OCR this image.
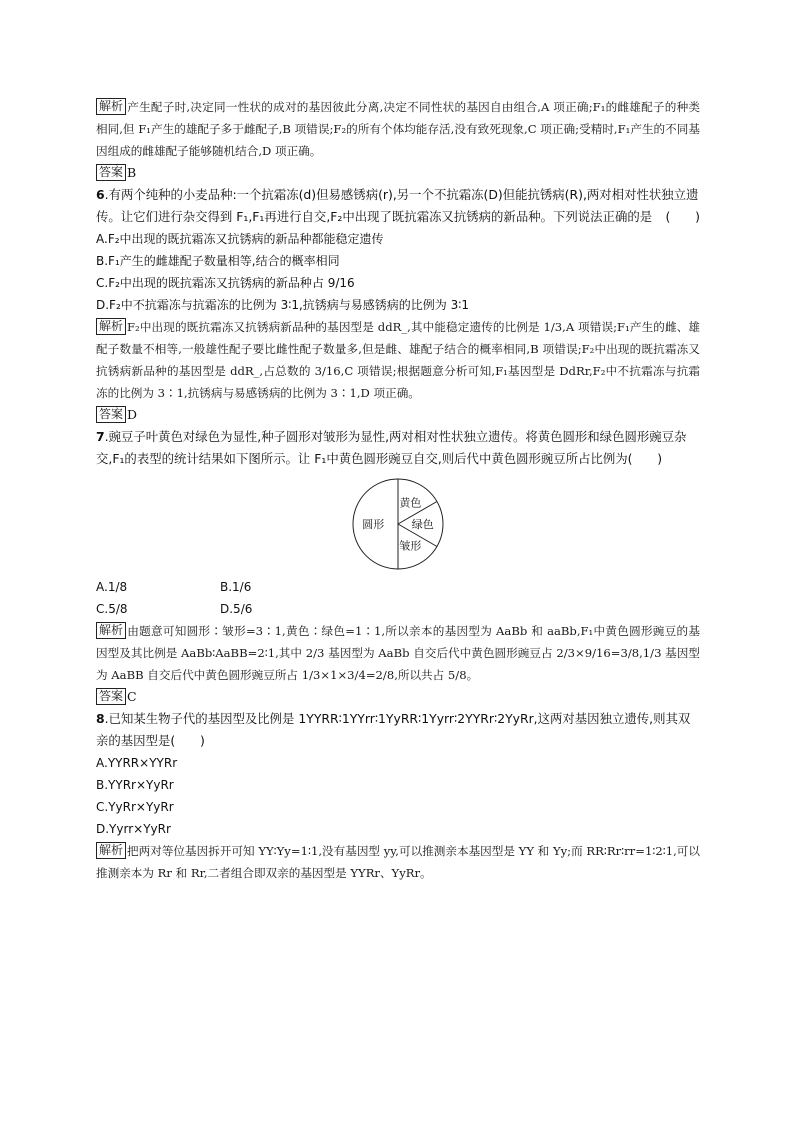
解析 产生配子时,决定同一性状的成对的基因彼此分离,决定不同性状的基因自由组合,A 项正确;F₁的雌雄配子的种类相同,但 F₁产生的雄配子多于雌配子,B 项错误;F₂的所有个体均能存活,没有致死现象,C 项正确;受精时,F₁产生的不同基因组成的雌雄配子能够随机结合,D 项正确。

答案 B

6.有两个纯种的小麦品种:一个抗霜冻(d)但易感锈病(r),另一个不抗霜冻(D)但能抗锈病(R),两对相对性状独立遗传。让它们进行杂交得到 F₁,F₁再进行自交,F₂中出现了既抗霜冻又抗锈病的新品种。下列说法正确的是 (　　)

A.F₂中出现的既抗霜冻又抗锈病的新品种都能稳定遗传

B.F₁产生的雌雄配子数量相等,结合的概率相同

C.F₂中出现的既抗霜冻又抗锈病的新品种占 9/16

D.F₂中不抗霜冻与抗霜冻的比例为 3∶1,抗锈病与易感锈病的比例为 3∶1

解析 F₂中出现的既抗霜冻又抗锈病新品种的基因型是 ddR_,其中能稳定遗传的比例是 1/3,A 项错误;F₁产生的雌、雄配子数量不相等,一般雄性配子要比雌性配子数量多,但是雌、雄配子结合的概率相同,B 项错误;F₂中出现的既抗霜冻又抗锈病新品种的基因型是 ddR_,占总数的 3/16,C 项错误;根据题意分析可知,F₁基因型是 DdRr,F₂中不抗霜冻与抗霜冻的比例为 3∶1,抗锈病与易感锈病的比例为 3∶1,D 项正确。

答案 D

7.豌豆子叶黄色对绿色为显性,种子圆形对皱形为显性,两对相对性状独立遗传。将黄色圆形和绿色圆形豌豆杂交,F₁的表型的统计结果如下图所示。让 F₁中黄色圆形豌豆自交,则后代中黄色圆形豌豆所占比例为(　　)

黄色
绿色
皱形
圆形
A.1/8	B.1/6
C.5/8	D.5/6

解析 由题意可知圆形∶皱形=3∶1,黄色∶绿色=1∶1,所以亲本的基因型为 AaBb 和 aaBb,F₁中黄色圆形豌豆的基因型及其比例是 AaBb∶AaBB=2∶1,其中 2/3 基因型为 AaBb 自交后代中黄色圆形豌豆占 2/3×9/16=3/8,1/3 基因型为 AaBB 自交后代中黄色圆形豌豆所占 1/3×1×3/4=2/8,所以共占 5/8。

答案 C

8.已知某生物子代的基因型及比例是 1YYRR∶1YYrr∶1YyRR∶1Yyrr∶2YYRr∶2YyRr,这两对基因独立遗传,则其双亲的基因型是(　　)

A.YYRR×YYRr

B.YYRr×YyRr

C.YyRr×YyRr

D.Yyrr×YyRr

解析 把两对等位基因拆开可知 YY∶Yy=1∶1,没有基因型 yy,可以推测亲本基因型是 YY 和 Yy;而 RR∶Rr∶rr=1∶2∶1,可以推测亲本为 Rr 和 Rr,二者组合即双亲的基因型是 YYRr、YyRr。
